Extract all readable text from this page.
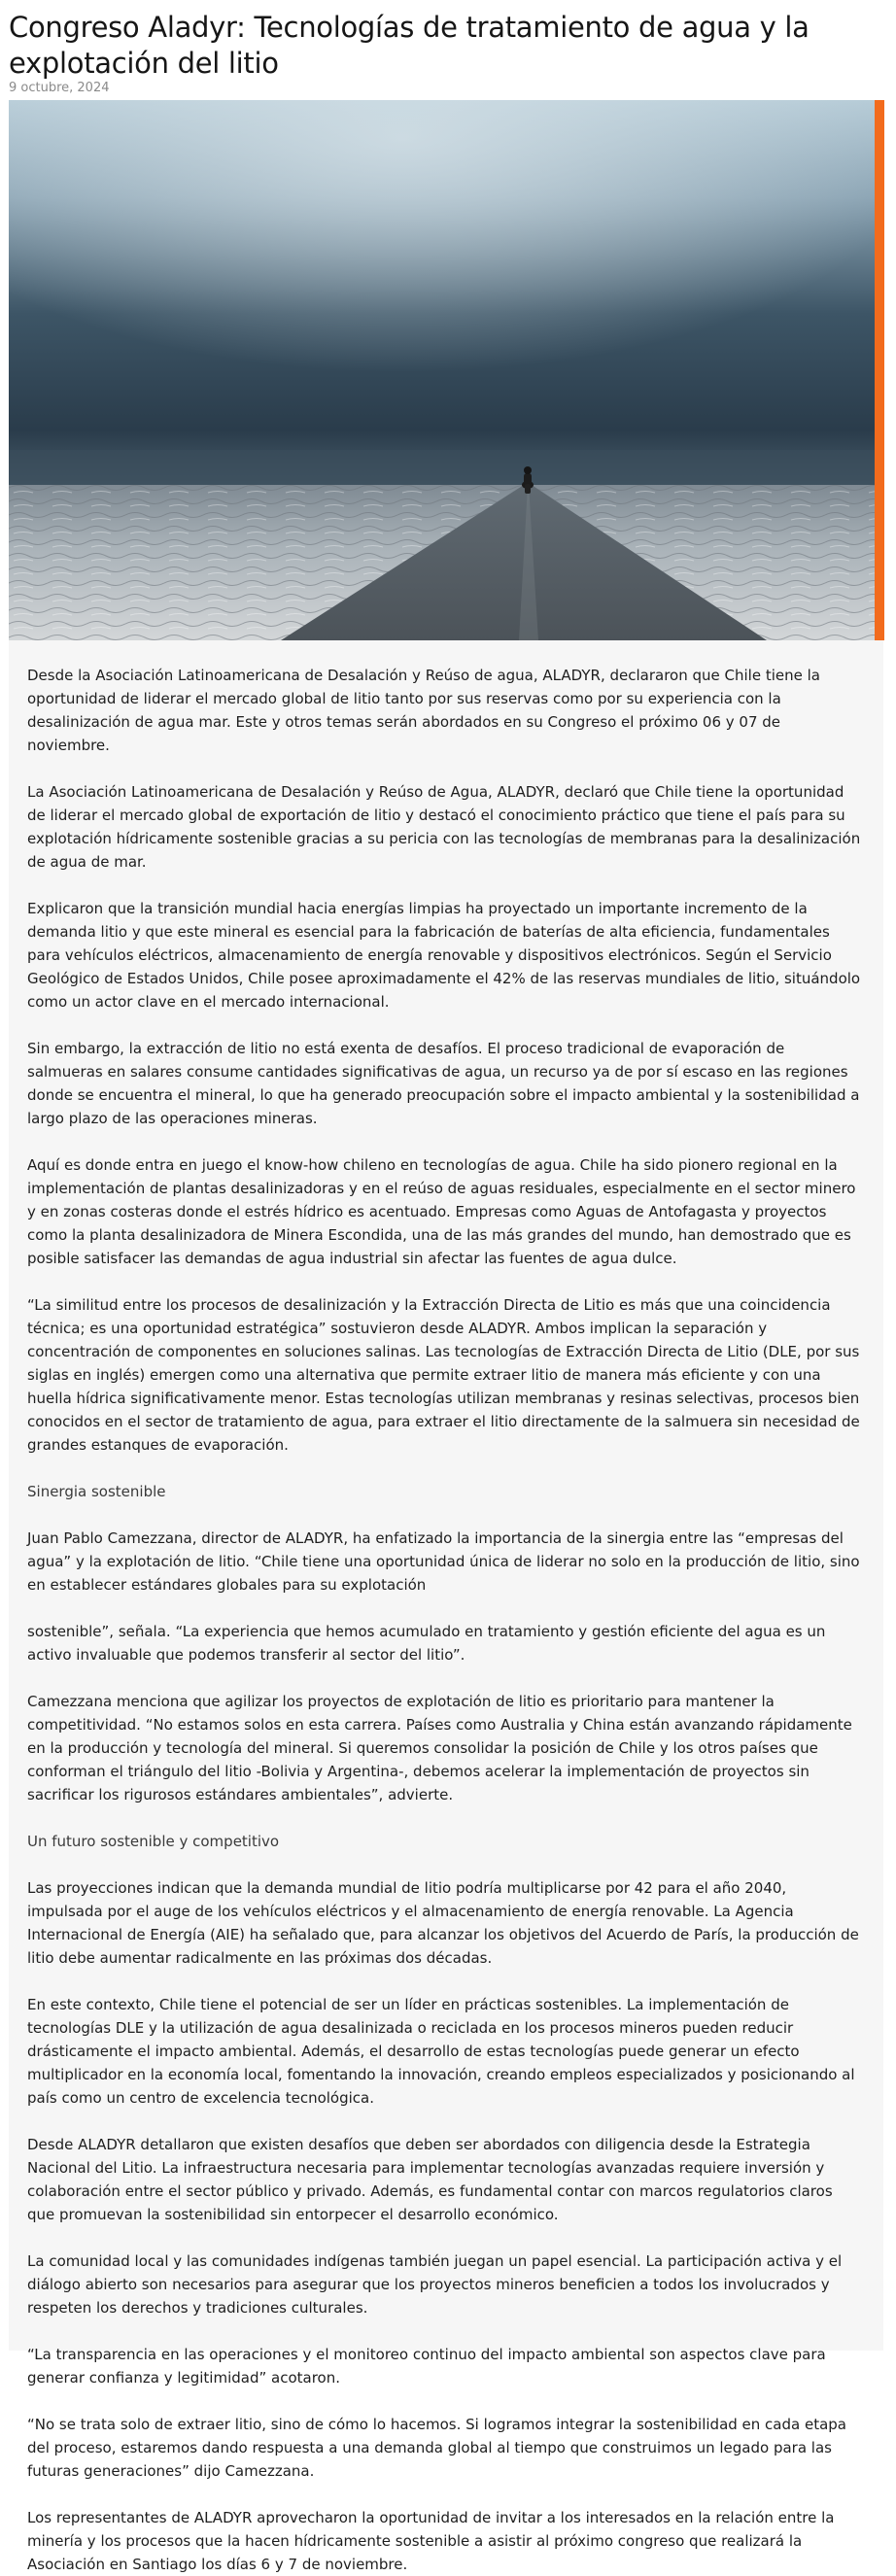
Congreso Aladyr: Tecnologías de tratamiento de agua y la explotación del litio
9 octubre, 2024

Desde la Asociación Latinoamericana de Desalación y Reúso de agua, ALADYR, declararon que Chile tiene la oportunidad de liderar el mercado global de litio tanto por sus reservas como por su experiencia con la desalinización de agua mar. Este y otros temas serán abordados en su Congreso el próximo 06 y 07 de noviembre.

La Asociación Latinoamericana de Desalación y Reúso de Agua, ALADYR, declaró que Chile tiene la oportunidad de liderar el mercado global de exportación de litio y destacó el conocimiento práctico que tiene el país para su explotación hídricamente sostenible gracias a su pericia con las tecnologías de membranas para la desalinización de agua de mar.

Explicaron que la transición mundial hacia energías limpias ha proyectado un importante incremento de la demanda litio y que este mineral es esencial para la fabricación de baterías de alta eficiencia, fundamentales para vehículos eléctricos, almacenamiento de energía renovable y dispositivos electrónicos. Según el Servicio Geológico de Estados Unidos, Chile posee aproximadamente el 42% de las reservas mundiales de litio, situándolo como un actor clave en el mercado internacional.

Sin embargo, la extracción de litio no está exenta de desafíos. El proceso tradicional de evaporación de salmueras en salares consume cantidades significativas de agua, un recurso ya de por sí escaso en las regiones donde se encuentra el mineral, lo que ha generado preocupación sobre el impacto ambiental y la sostenibilidad a largo plazo de las operaciones mineras.

Aquí es donde entra en juego el know-how chileno en tecnologías de agua. Chile ha sido pionero regional en la implementación de plantas desalinizadoras y en el reúso de aguas residuales, especialmente en el sector minero y en zonas costeras donde el estrés hídrico es acentuado. Empresas como Aguas de Antofagasta y proyectos como la planta desalinizadora de Minera Escondida, una de las más grandes del mundo, han demostrado que es posible satisfacer las demandas de agua industrial sin afectar las fuentes de agua dulce.

“La similitud entre los procesos de desalinización y la Extracción Directa de Litio es más que una coincidencia técnica; es una oportunidad estratégica” sostuvieron desde ALADYR. Ambos implican la separación y concentración de componentes en soluciones salinas. Las tecnologías de Extracción Directa de Litio (DLE, por sus siglas en inglés) emergen como una alternativa que permite extraer litio de manera más eficiente y con una huella hídrica significativamente menor. Estas tecnologías utilizan membranas y resinas selectivas, procesos bien conocidos en el sector de tratamiento de agua, para extraer el litio directamente de la salmuera sin necesidad de grandes estanques de evaporación.

Sinergia sostenible

Juan Pablo Camezzana, director de ALADYR, ha enfatizado la importancia de la sinergia entre las “empresas del agua” y la explotación de litio. “Chile tiene una oportunidad única de liderar no solo en la producción de litio, sino en establecer estándares globales para su explotación

sostenible”, señala. “La experiencia que hemos acumulado en tratamiento y gestión eficiente del agua es un activo invaluable que podemos transferir al sector del litio”.

Camezzana menciona que agilizar los proyectos de explotación de litio es prioritario para mantener la competitividad. “No estamos solos en esta carrera. Países como Australia y China están avanzando rápidamente en la producción y tecnología del mineral. Si queremos consolidar la posición de Chile y los otros países que conforman el triángulo del litio -Bolivia y Argentina-, debemos acelerar la implementación de proyectos sin sacrificar los rigurosos estándares ambientales”, advierte.

Un futuro sostenible y competitivo

Las proyecciones indican que la demanda mundial de litio podría multiplicarse por 42 para el año 2040, impulsada por el auge de los vehículos eléctricos y el almacenamiento de energía renovable. La Agencia Internacional de Energía (AIE) ha señalado que, para alcanzar los objetivos del Acuerdo de París, la producción de litio debe aumentar radicalmente en las próximas dos décadas.

En este contexto, Chile tiene el potencial de ser un líder en prácticas sostenibles. La implementación de tecnologías DLE y la utilización de agua desalinizada o reciclada en los procesos mineros pueden reducir drásticamente el impacto ambiental. Además, el desarrollo de estas tecnologías puede generar un efecto multiplicador en la economía local, fomentando la innovación, creando empleos especializados y posicionando al país como un centro de excelencia tecnológica.

Desde ALADYR detallaron que existen desafíos que deben ser abordados con diligencia desde la Estrategia Nacional del Litio. La infraestructura necesaria para implementar tecnologías avanzadas requiere inversión y colaboración entre el sector público y privado. Además, es fundamental contar con marcos regulatorios claros que promuevan la sostenibilidad sin entorpecer el desarrollo económico.

La comunidad local y las comunidades indígenas también juegan un papel esencial. La participación activa y el diálogo abierto son necesarios para asegurar que los proyectos mineros beneficien a todos los involucrados y respeten los derechos y tradiciones culturales.

“La transparencia en las operaciones y el monitoreo continuo del impacto ambiental son aspectos clave para generar confianza y legitimidad” acotaron.

“No se trata solo de extraer litio, sino de cómo lo hacemos. Si logramos integrar la sostenibilidad en cada etapa del proceso, estaremos dando respuesta a una demanda global al tiempo que construimos un legado para las futuras generaciones” dijo Camezzana.

Los representantes de ALADYR aprovecharon la oportunidad de invitar a los interesados en la relación entre la minería y los procesos que la hacen hídricamente sostenible a asistir al próximo congreso que realizará la Asociación en Santiago los días 6 y 7 de noviembre.
